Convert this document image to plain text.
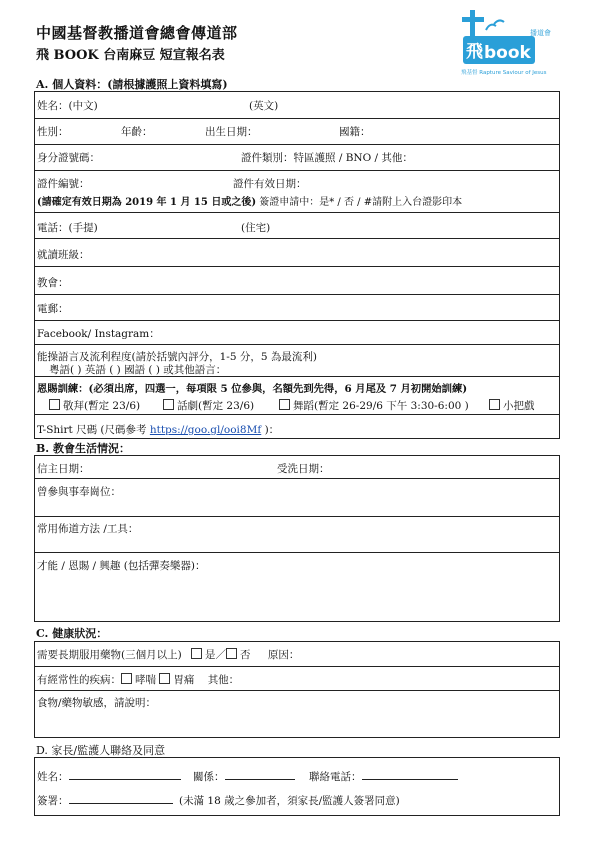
中國基督教播道會總會傳道部
飛 BOOK 台南麻豆 短宣報名表	飛 book
飛基督 Rapture Saviour of Jesus
播道會
A. 個人資料：(請根據護照上資料填寫)
姓名：(中文)	(英文)
性別：	年齡：	出生日期：	國籍：
身分證號碼：	證件類別：特區護照 / BNO / 其他：
證件編號：	證件有效日期：
(請確定有效日期為 2019 年 1 月 15 日或之後) 簽證申請中：是* / 否 / #請附上入台證影印本
電話：(手提)	(住宅)
就讀班級：
教會：
電郵：
Facebook/ Instagram：
能操語言及流利程度(請於括號內評分，1-5 分，5 為最流利)
粵語( ) 英語 ( ) 國語 ( ) 或其他語言：
恩賜訓練：(必須出席，四選一，每項限 5 位參與，名額先到先得，6 月尾及 7 月初開始訓練)
敬拜(暫定 23/6)	話劇(暫定 23/6)	舞蹈(暫定 26-29/6 下午 3:30-6:00 )	小把戲
T-Shirt 尺碼 (尺碼參考 https://goo.gl/ooi8Mf )：
B. 教會生活情況：
信主日期：	受洗日期：
曾參與事奉崗位：
常用佈道方法 /工具：
才能 / 恩賜 / 興趣 (包括彈奏樂器)：
C. 健康狀況：
需要長期服用藥物(三個月以上) 是／ 否 原因：
有經常性的疾病： 哮喘 胃痛 其他：
食物/藥物敏感，請說明：
D. 家長/監護人聯絡及同意
姓名：	關係：	聯絡電話：
簽署：	(未滿 18 歲之參加者，須家長/監護人簽署同意)
